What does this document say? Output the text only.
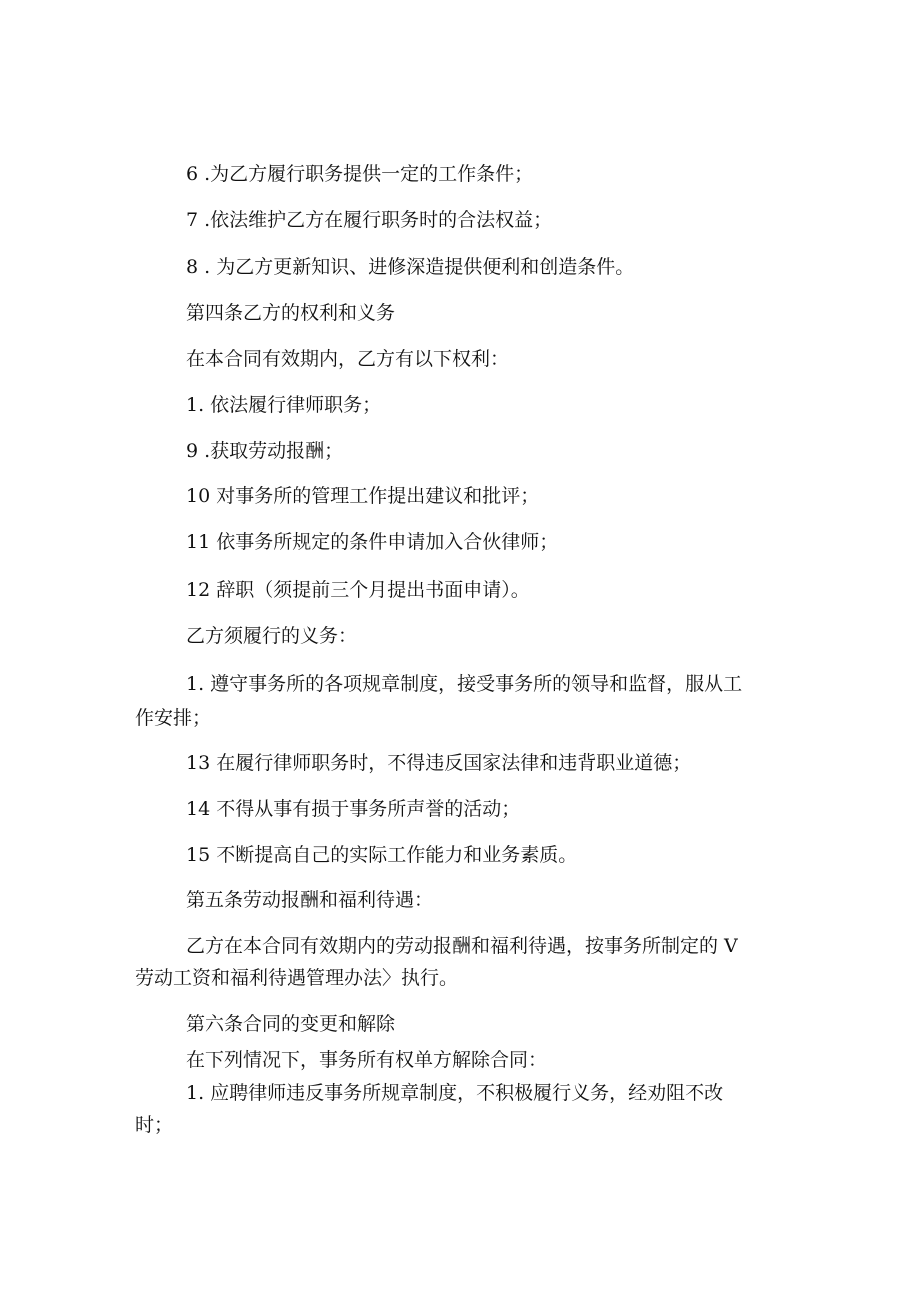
6 .为乙方履行职务提供一定的工作条件；
7 .依法维护乙方在履行职务时的合法权益；
8 . 为乙方更新知识、进修深造提供便利和创造条件。
第四条乙方的权利和义务
在本合同有效期内，乙方有以下权利：
1. 依法履行律师职务；
9 .获取劳动报酬；
10 对事务所的管理工作提出建议和批评；
11 依事务所规定的条件申请加入合伙律师；
12 辞职（须提前三个月提出书面申请）。
乙方须履行的义务：
1. 遵守事务所的各项规章制度，接受事务所的领导和监督，服从工
作安排；
13 在履行律师职务时，不得违反国家法律和违背职业道德；
14 不得从事有损于事务所声誉的活动；
15 不断提高自己的实际工作能力和业务素质。
第五条劳动报酬和福利待遇：
乙方在本合同有效期内的劳动报酬和福利待遇，按事务所制定的 V
劳动工资和福利待遇管理办法〉执行。
第六条合同的变更和解除
在下列情况下，事务所有权单方解除合同：
1. 应聘律师违反事务所规章制度，不积极履行义务，经劝阻不改
时；
